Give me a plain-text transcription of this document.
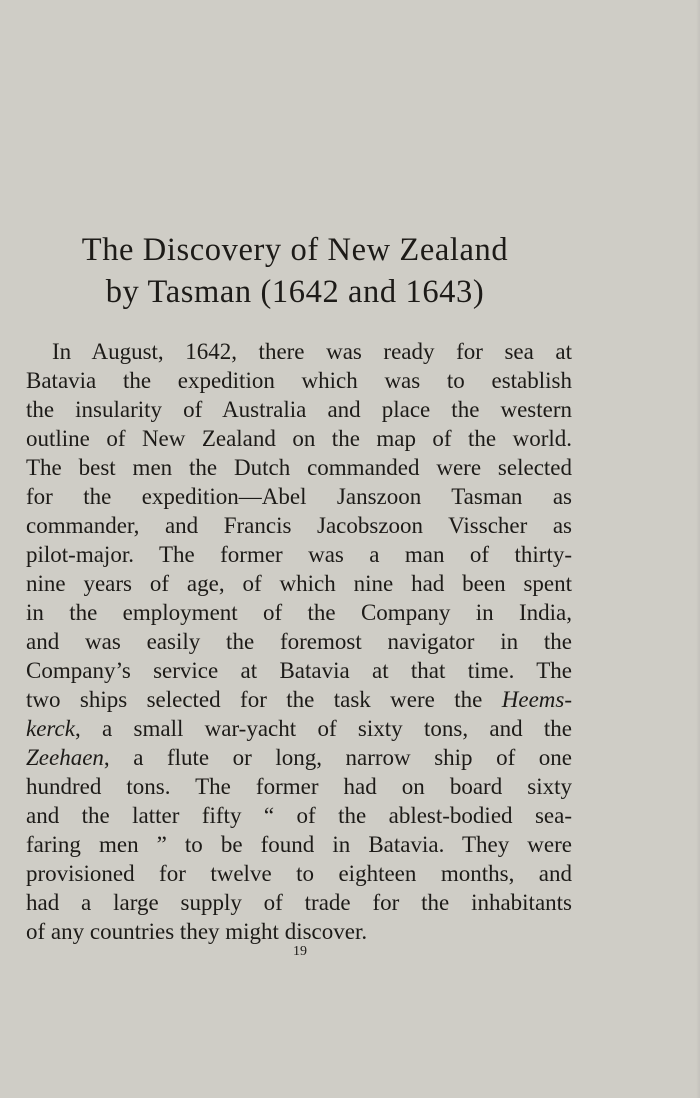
The Discovery of New Zealand
by Tasman (1642 and 1643)
In August, 1642, there was ready for sea at
Batavia the expedition which was to establish
the insularity of Australia and place the western
outline of New Zealand on the map of the world.
The best men the Dutch commanded were selected
for the expedition—Abel Janszoon Tasman as
commander, and Francis Jacobszoon Visscher as
pilot-major. The former was a man of thirty-
nine years of age, of which nine had been spent
in the employment of the Company in India,
and was easily the foremost navigator in the
Company’s service at Batavia at that time. The
two ships selected for the task were the Heems-
kerck, a small war-yacht of sixty tons, and the
Zeehaen, a flute or long, narrow ship of one
hundred tons. The former had on board sixty
and the latter fifty “ of the ablest-bodied sea-
faring men ” to be found in Batavia. They were
provisioned for twelve to eighteen months, and
had a large supply of trade for the inhabitants
of any countries they might discover.
19
